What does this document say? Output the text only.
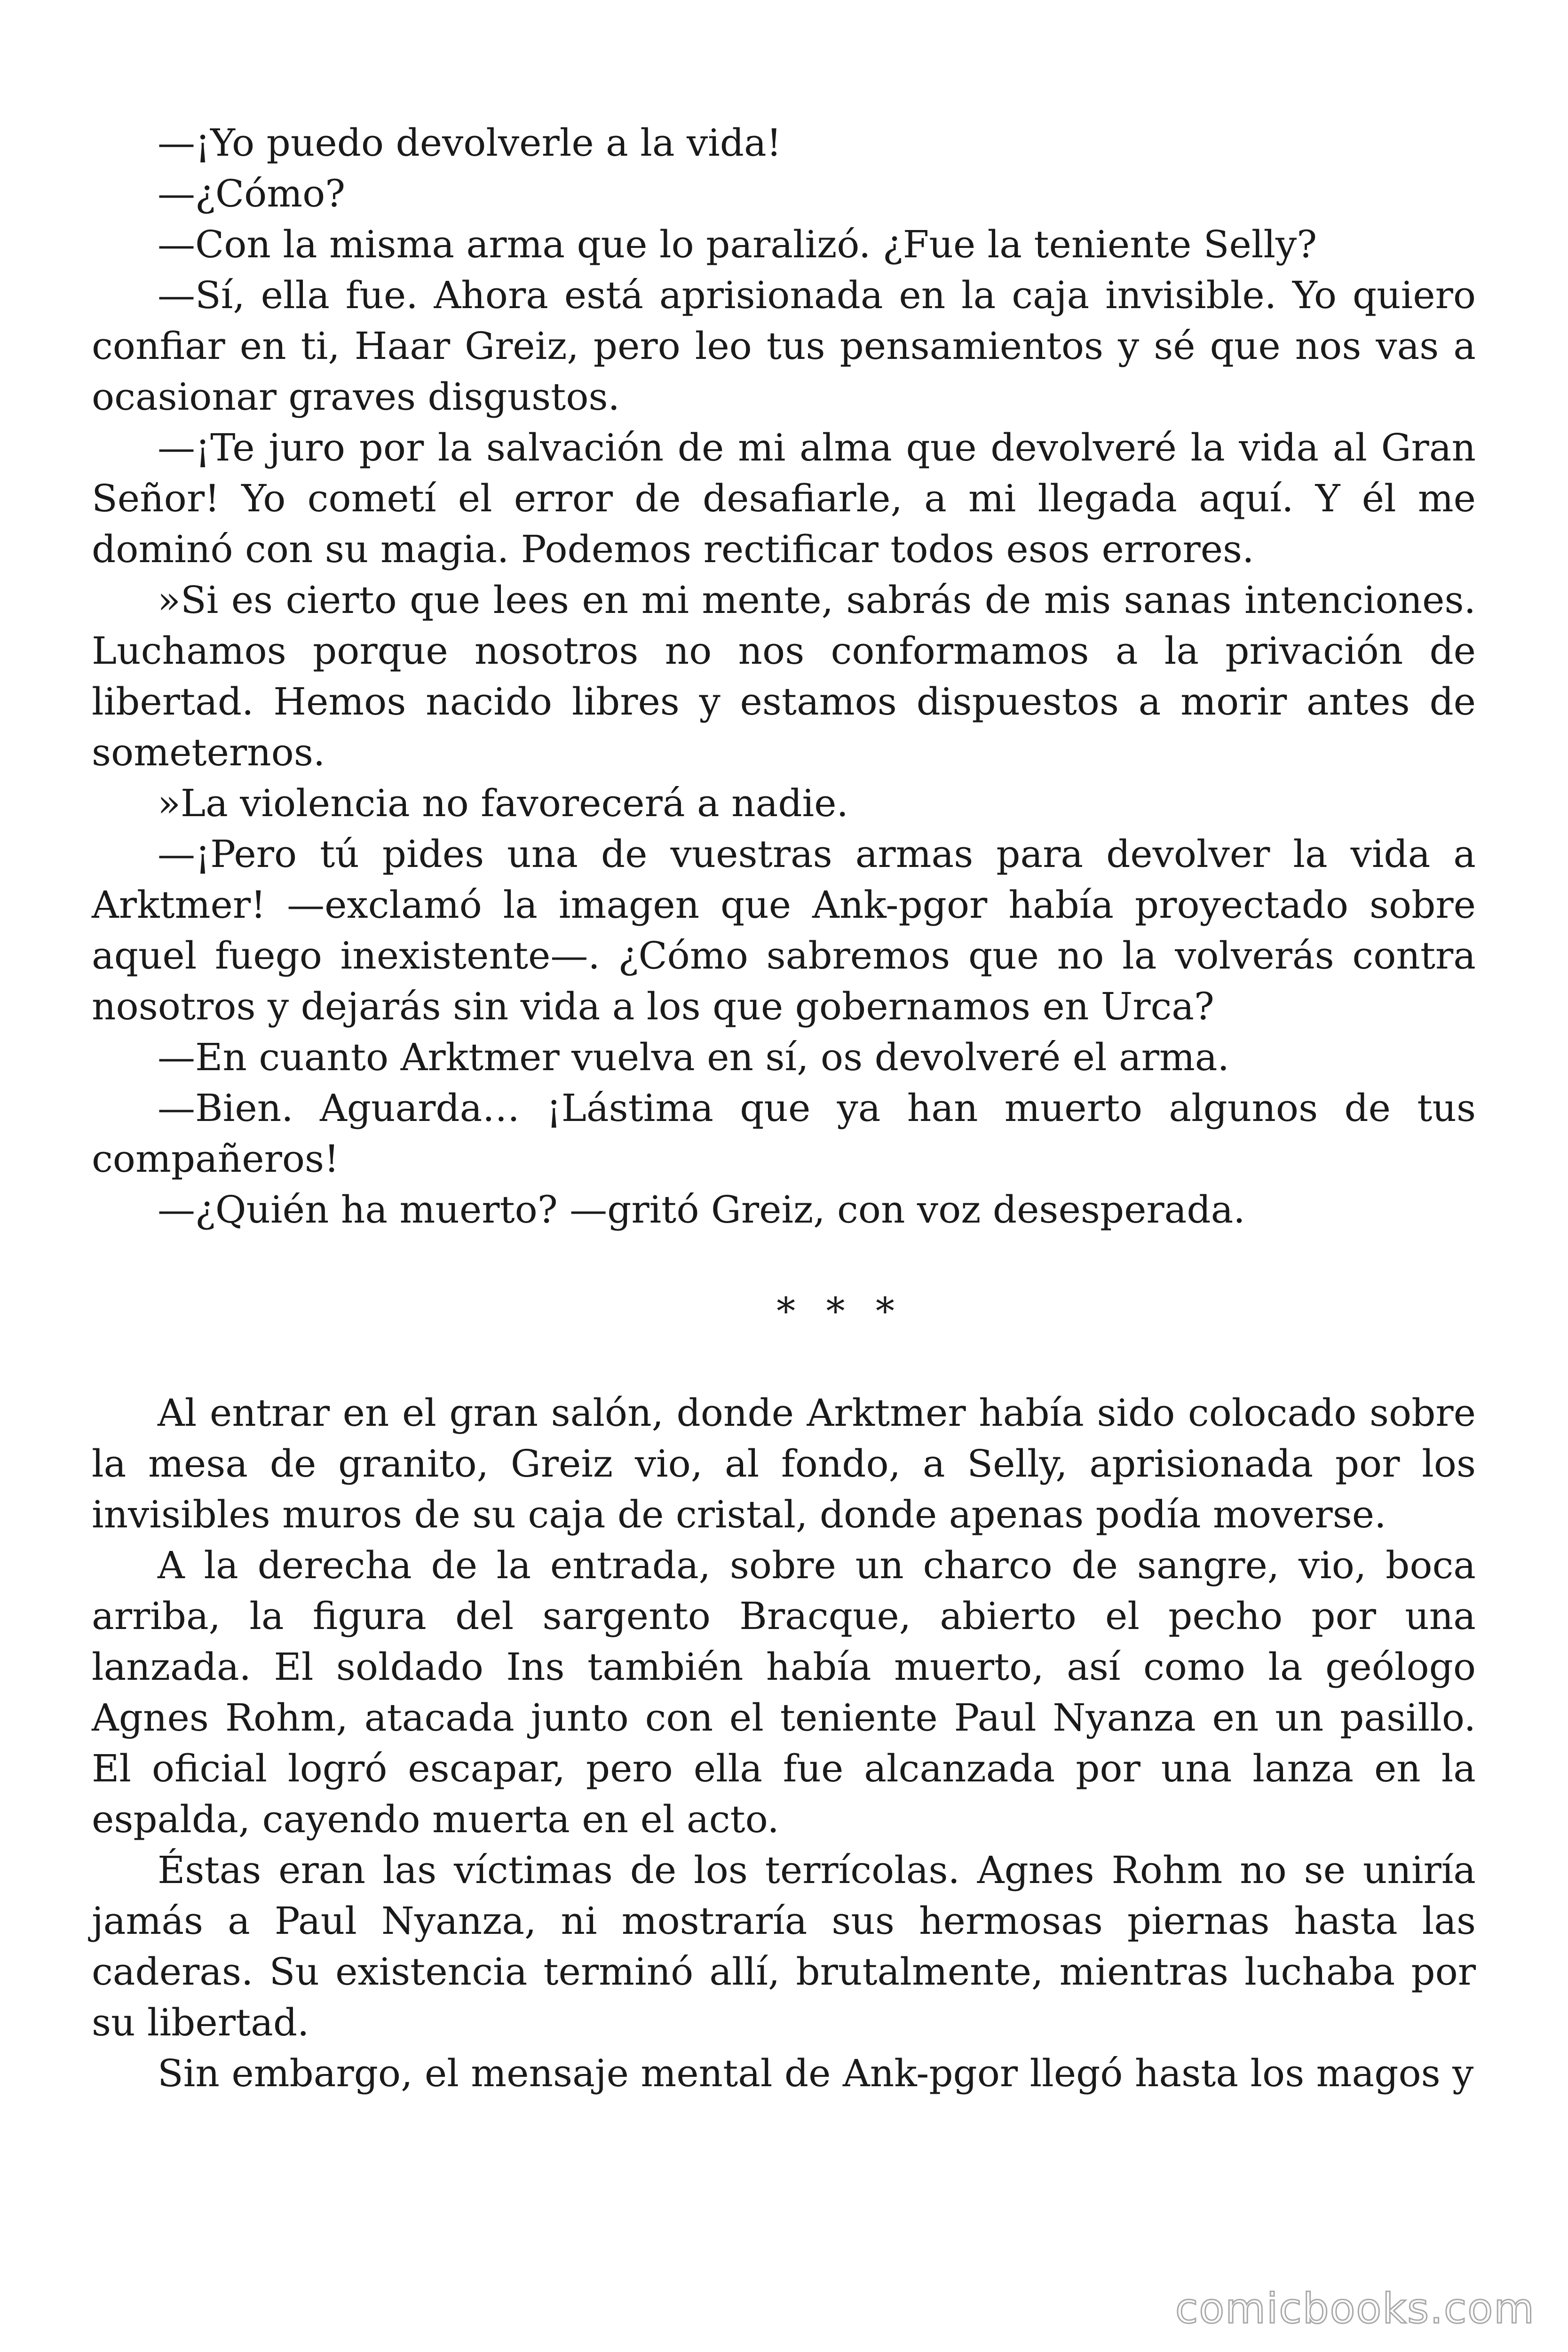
—¡Yo puedo devolverle a la vida!

—¿Cómo?

—Con la misma arma que lo paralizó. ¿Fue la teniente Selly?

—Sí, ella fue. Ahora está aprisionada en la caja invisible. Yo quiero confiar en ti, Haar Greiz, pero leo tus pensamientos y sé que nos vas a ocasionar graves disgustos.

—¡Te juro por la salvación de mi alma que devolveré la vida al Gran Señor! Yo cometí el error de desafiarle, a mi llegada aquí. Y él me dominó con su magia. Podemos rectificar todos esos errores.

»Si es cierto que lees en mi mente, sabrás de mis sanas intenciones. Luchamos porque nosotros no nos conformamos a la privación de libertad. Hemos nacido libres y estamos dispuestos a morir antes de someternos.

»La violencia no favorecerá a nadie.

—¡Pero tú pides una de vuestras armas para devolver la vida a Arktmer! —exclamó la imagen que Ank-pgor había proyectado sobre aquel fuego inexistente—. ¿Cómo sabremos que no la volverás contra nosotros y dejarás sin vida a los que gobernamos en Urca?

—En cuanto Arktmer vuelva en sí, os devolveré el arma.

—Bien. Aguarda… ¡Lástima que ya han muerto algunos de tus compañeros!

—¿Quién ha muerto? —gritó Greiz, con voz desesperada.

* * *

Al entrar en el gran salón, donde Arktmer había sido colocado sobre la mesa de granito, Greiz vio, al fondo, a Selly, aprisionada por los invisibles muros de su caja de cristal, donde apenas podía moverse.

A la derecha de la entrada, sobre un charco de sangre, vio, boca arriba, la figura del sargento Bracque, abierto el pecho por una lanzada. El soldado Ins también había muerto, así como la geólogo Agnes Rohm, atacada junto con el teniente Paul Nyanza en un pasillo. El oficial logró escapar, pero ella fue alcanzada por una lanza en la espalda, cayendo muerta en el acto.

Éstas eran las víctimas de los terrícolas. Agnes Rohm no se uniría jamás a Paul Nyanza, ni mostraría sus hermosas piernas hasta las caderas. Su existencia terminó allí, brutalmente, mientras luchaba por su libertad.

Sin embargo, el mensaje mental de Ank-pgor llegó hasta los magos y

comicbooks.com
